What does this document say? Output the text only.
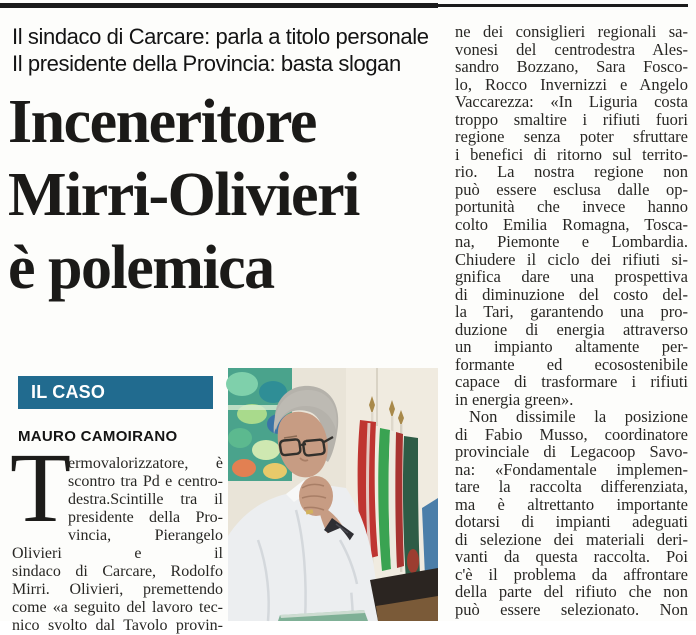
Il sindaco di Carcare: parla a titolo personale
Il presidente della Provincia: basta slogan
Inceneritore
Mirri-Olivieri
è polemica
IL CASO
MAURO CAMOIRANO
T
ermovalorizzatore, è
scontro tra Pd e centro-
destra.Scintille tra il
presidente della Pro-
vincia, Pierangelo Olivieri e il
sindaco di Carcare, Rodolfo
Mirri. Olivieri, premettendo
come «a seguito del lavoro tec-
nico svolto dal Tavolo provin-
ne dei consiglieri regionali sa-
vonesi del centrodestra Ales-
sandro Bozzano, Sara Fosco-
lo, Rocco Invernizzi e Angelo
Vaccarezza: «In Liguria costa
troppo smaltire i rifiuti fuori
regione senza poter sfruttare
i benefici di ritorno sul territo-
rio. La nostra regione non
può essere esclusa dalle op-
portunità che invece hanno
colto Emilia Romagna, Tosca-
na, Piemonte e Lombardia.
Chiudere il ciclo dei rifiuti si-
gnifica dare una prospettiva
di diminuzione del costo del-
la Tari, garantendo una pro-
duzione di energia attraverso
un impianto altamente per-
formante ed ecosostenibile
capace di trasformare i rifiuti
in energia green».
Non dissimile la posizione
di Fabio Musso, coordinatore
provinciale di Legacoop Savo-
na: «Fondamentale implemen-
tare la raccolta differenziata,
ma è altrettanto importante
dotarsi di impianti adeguati
di selezione dei materiali deri-
vanti da questa raccolta. Poi
c'è il problema da affrontare
della parte del rifiuto che non
può essere selezionato. Non
